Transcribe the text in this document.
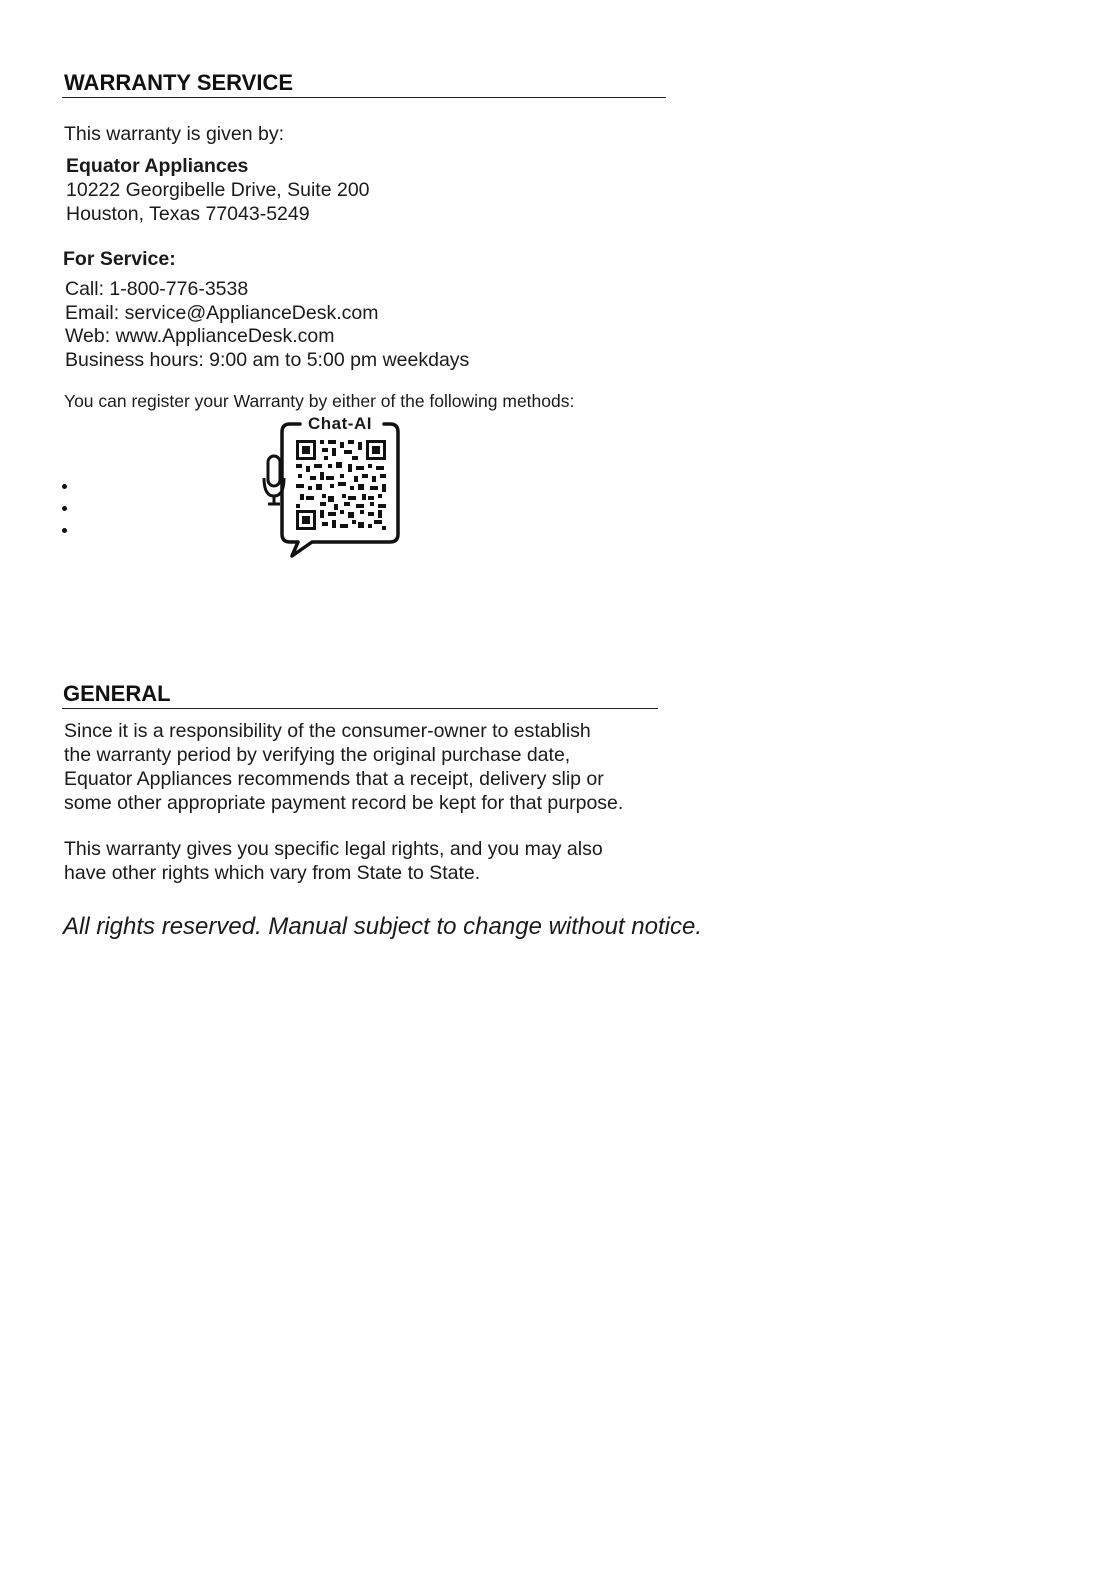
WARRANTY SERVICE
This warranty is given by:
Equator Appliances
10222 Georgibelle Drive, Suite 200
Houston, Texas 77043-5249
For Service:
Call: 1-800-776-3538
Email: service@ApplianceDesk.com
Web: www.ApplianceDesk.com
Business hours: 9:00 am to 5:00 pm weekdays
You can register your Warranty by either of the following methods:
Chat-AI
GENERAL
Since it is a responsibility of the consumer-owner to establish
the warranty period by verifying the original purchase date,
Equator Appliances recommends that a receipt, delivery slip or
some other appropriate payment record be kept for that purpose.
This warranty gives you specific legal rights, and you may also
have other rights which vary from State to State.
All rights reserved. Manual subject to change without notice.
